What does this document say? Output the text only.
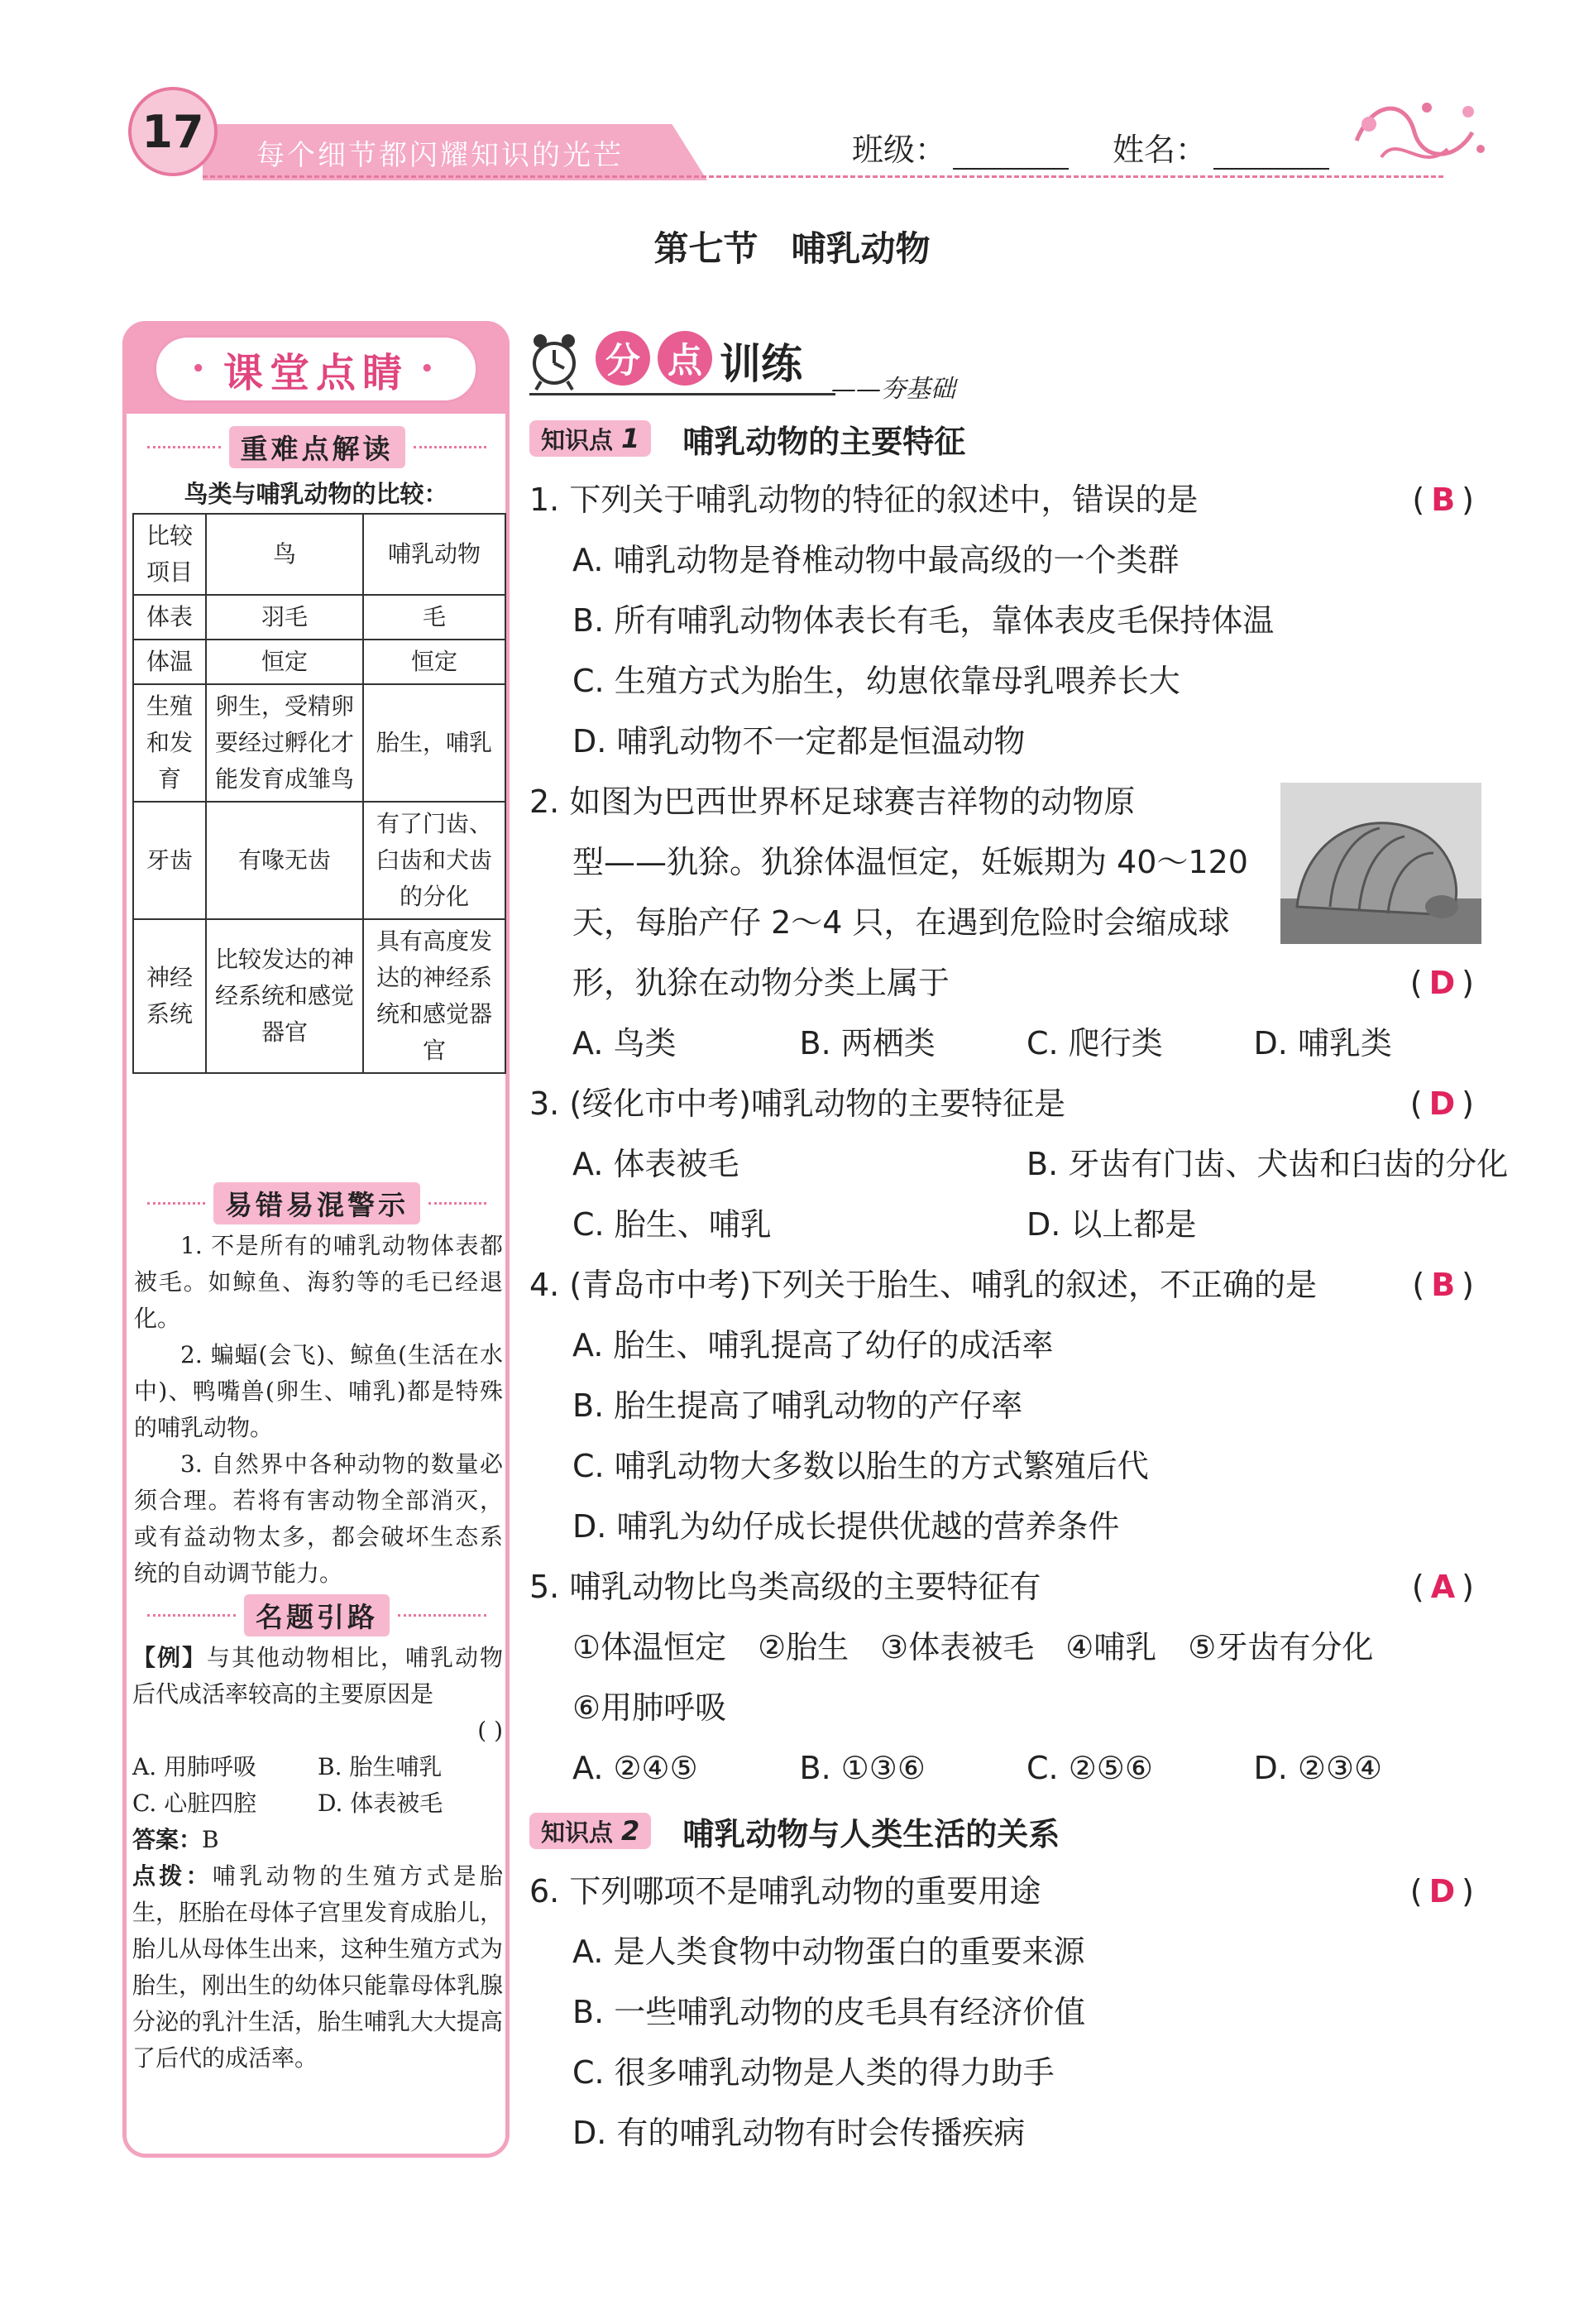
17	每个细节都闪耀知识的光芒	班级：	姓名：
第七节 哺乳动物
• 课堂点睛 •
重难点解读
鸟类与哺乳动物的比较：
比较项目	鸟	哺乳动物
体表	羽毛	毛
体温	恒定	恒定
生殖和发育	卵生，受精卵要经过孵化才能发育成雏鸟	胎生，哺乳
牙齿	有喙无齿	有了门齿、臼齿和犬齿的分化
神经系统	比较发达的神经系统和感觉器官	具有高度发达的神经系统和感觉器官
易错易混警示

1. 不是所有的哺乳动物体表都被毛。如鲸鱼、海豹等的毛已经退化。

2. 蝙蝠(会飞)、鲸鱼(生活在水中)、鸭嘴兽(卵生、哺乳)都是特殊的哺乳动物。

3. 自然界中各种动物的数量必须合理。若将有害动物全部消灭，或有益动物太多，都会破坏生态系统的自动调节能力。

名题引路
【例】与其他动物相比，哺乳动物后代成活率较高的主要原因是
( )
A. 用肺呼吸	B. 胎生哺乳
C. 心脏四腔	D. 体表被毛
答案：B
点拨：哺乳动物的生殖方式是胎生，胚胎在母体子宫里发育成胎儿，胎儿从母体生出来，这种生殖方式为胎生，刚出生的幼体只能靠母体乳腺分泌的乳汁生活，胎生哺乳大大提高了后代的成活率。
分 点 训练
——夯基础
知识点 1 哺乳动物的主要特征
1. 下列关于哺乳动物的特征的叙述中，错误的是	(B)
A. 哺乳动物是脊椎动物中最高级的一个类群
B. 所有哺乳动物体表长有毛，靠体表皮毛保持体温
C. 生殖方式为胎生，幼崽依靠母乳喂养长大
D. 哺乳动物不一定都是恒温动物
2. 如图为巴西世界杯足球赛吉祥物的动物原
型——犰狳。犰狳体温恒定，妊娠期为 40～120
天，每胎产仔 2～4 只，在遇到危险时会缩成球
形，犰狳在动物分类上属于	(D)
A. 鸟类	B. 两栖类	C. 爬行类	D. 哺乳类
3. (绥化市中考)哺乳动物的主要特征是	(D)
A. 体表被毛	B. 牙齿有门齿、犬齿和臼齿的分化
C. 胎生、哺乳	D. 以上都是
4. (青岛市中考)下列关于胎生、哺乳的叙述，不正确的是	(B)
A. 胎生、哺乳提高了幼仔的成活率
B. 胎生提高了哺乳动物的产仔率
C. 哺乳动物大多数以胎生的方式繁殖后代
D. 哺乳为幼仔成长提供优越的营养条件
5. 哺乳动物比鸟类高级的主要特征有	(A)
①体温恒定　②胎生　③体表被毛　④哺乳　⑤牙齿有分化
⑥用肺呼吸
A. ②④⑤	B. ①③⑥	C. ②⑤⑥	D. ②③④
知识点 2 哺乳动物与人类生活的关系
6. 下列哪项不是哺乳动物的重要用途	(D)
A. 是人类食物中动物蛋白的重要来源
B. 一些哺乳动物的皮毛具有经济价值
C. 很多哺乳动物是人类的得力助手
D. 有的哺乳动物有时会传播疾病
